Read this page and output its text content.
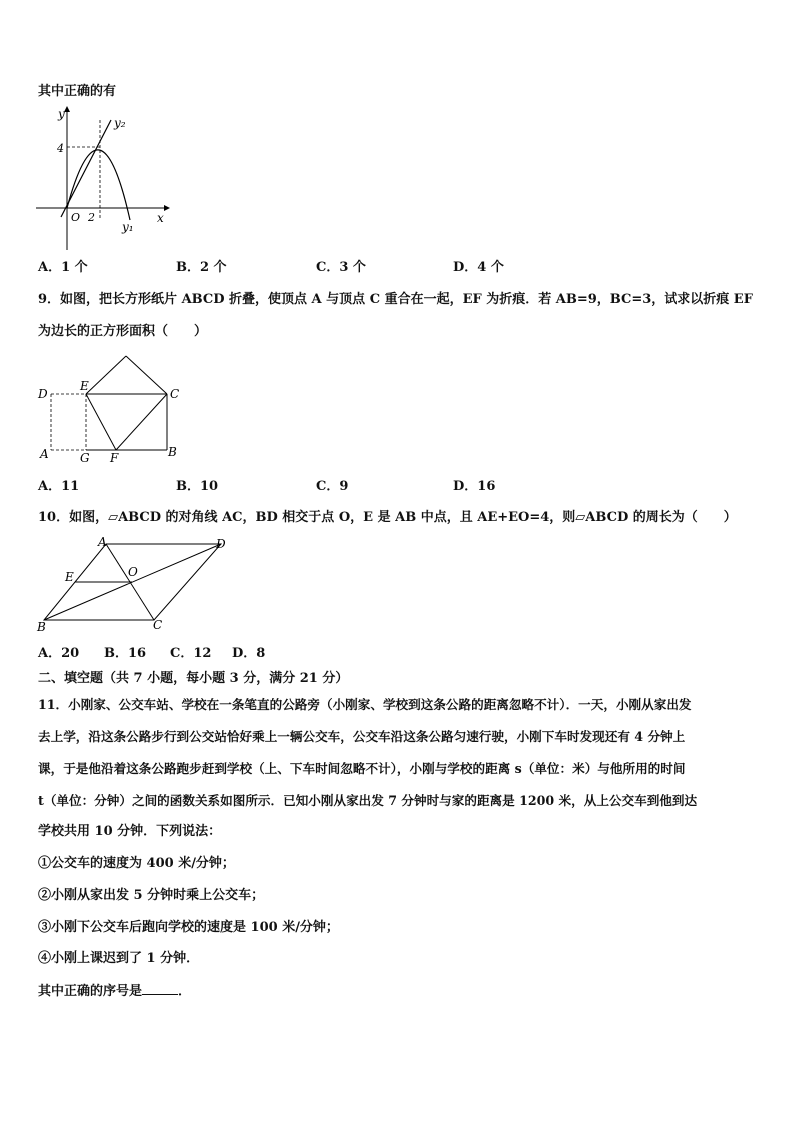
其中正确的有
y
x
O
4
2
y₂
y₁
A．1 个	B．2 个	C．3 个	D．4 个
9．如图，把长方形纸片 ABCD 折叠，使顶点 A 与顶点 C 重合在一起，EF 为折痕．若 AB=9，BC=3，试求以折痕 EF
为边长的正方形面积（　　）
D
E
C
A	G F	B
A．11	B．10	C．9	D．16
10．如图，▱ABCD 的对角线 AC，BD 相交于点 O，E 是 AB 中点，且 AE+EO=4，则▱ABCD 的周长为（　　）
A	D
E	O
B	C
A．20 B．16 C．12 D．8
二、填空题（共 7 小题，每小题 3 分，满分 21 分）
11．小刚家、公交车站、学校在一条笔直的公路旁（小刚家、学校到这条公路的距离忽略不计）．一天，小刚从家出发
去上学，沿这条公路步行到公交站恰好乘上一辆公交车，公交车沿这条公路匀速行驶，小刚下车时发现还有 4 分钟上
课，于是他沿着这条公路跑步赶到学校（上、下车时间忽略不计），小刚与学校的距离 s（单位：米）与他所用的时间
t（单位：分钟）之间的函数关系如图所示．已知小刚从家出发 7 分钟时与家的距离是 1200 米，从上公交车到他到达
学校共用 10 分钟．下列说法：
①公交车的速度为 400 米/分钟；
②小刚从家出发 5 分钟时乘上公交车；
③小刚下公交车后跑向学校的速度是 100 米/分钟；
④小刚上课迟到了 1 分钟．
其中正确的序号是	．
